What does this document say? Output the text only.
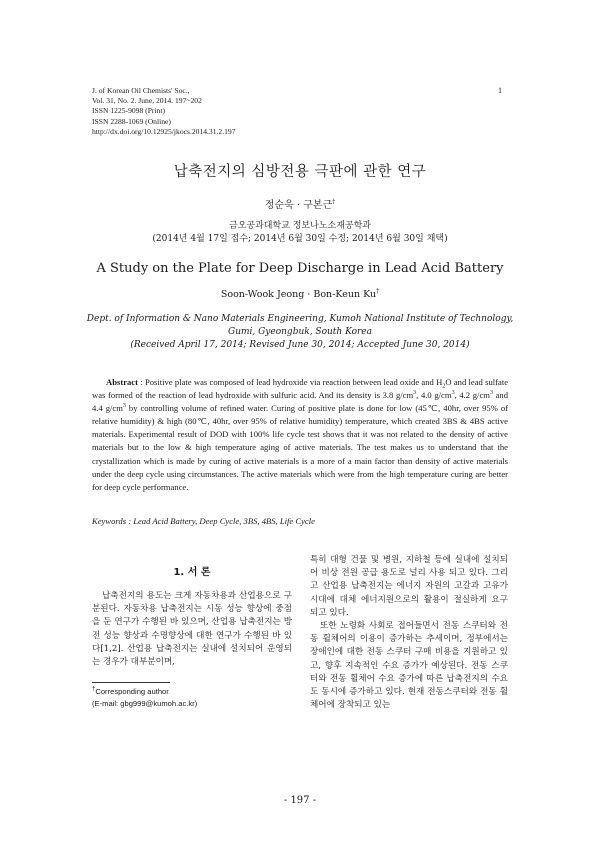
J. of Korean Oil Chemists' Soc.,
Vol. 31, No. 2. June, 2014. 197~202
ISSN 1225-9098 (Print)
ISSN 2288-1069 (Online)
http://dx.doi.org/10.12925/jkocs.2014.31.2.197
1
납축전지의 심방전용 극판에 관한 연구
정순욱 · 구본근†
금오공과대학교 정보나노소재공학과
(2014년 4월 17일 접수; 2014년 6월 30일 수정; 2014년 6월 30일 채택)
A Study on the Plate for Deep Discharge in Lead Acid Battery
Soon-Wook Jeong · Bon-Keun Ku†
Dept. of Information & Nano Materials Engineering, Kumoh National Institute of Technology,
Gumi, Gyeongbuk, South Korea
(Received April 17, 2014; Revised June 30, 2014; Accepted June 30, 2014)
Abstract : Positive plate was composed of lead hydroxide via reaction between lead oxide and $H_2O$ and lead sulfate was formed of the reaction of lead hydroxide with sulfuric acid. And its density is 3.8 $g/cm^3$, 4.0 $g/cm^3$, 4.2 $g/cm^3$ and 4.4 $g/cm^3$ by controlling volume of refined water. Curing of positive plate is done for low (45℃, 40hr, over 95% of relative humidity) & high (80℃, 40hr, over 95% of relative humidity) temperature, which created 3BS & 4BS active materials. Experimental result of DOD with 100% life cycle test shows that it was not related to the density of active materials but to the low & high temperature aging of active materials. The test makes us to understand that the crystallization which is made by curing of active materials is a more of a main factor than density of active materials under the deep cycle using circumstances. The active materials which were from the high temperature curing are better for deep cycle performance.
Keywords : Lead Acid Battery, Deep Cycle, 3BS, 4BS, Life Cycle
1. 서 론

납축전지의 용도는 크게 자동차용과 산업용으로 구분된다. 자동차용 납축전지는 시동 성능 향상에 중점을 둔 연구가 수행된 바 있으며, 산업용 납축전지는 방전 성능 향상과 수명향상에 대한 연구가 수행된 바 있다[1,2]. 산업용 납축전지는 실내에 설치되어 운영되는 경우가 대부분이며,

특히 대형 건물 및 병원, 지하철 등에 실내에 설치되어 비상 전원 공급 용도로 널리 사용 되고 있다. 그리고 산업용 납축전지는 에너지 자원의 고갈과 고유가 시대에 대체 에너지원으로의 활용이 절실하게 요구 되고 있다.

또한 노령화 사회로 접어들면서 전동 스쿠터와 전동 휠체어의 이용이 증가하는 추세이며, 정부에서는 장애인에 대한 전동 스쿠터 구매 비용을 지원하고 있고, 향후 지속적인 수요 증가가 예상된다. 전동 스쿠터와 전동 휠체어 수요 증가에 따른 납축전지의 수요도 동시에 증가하고 있다. 현재 전동스쿠터와 전동 휠체어에 장착되고 있는

†Corresponding author
(E-mail: gbg999@kumoh.ac.kr)
- 197 -
